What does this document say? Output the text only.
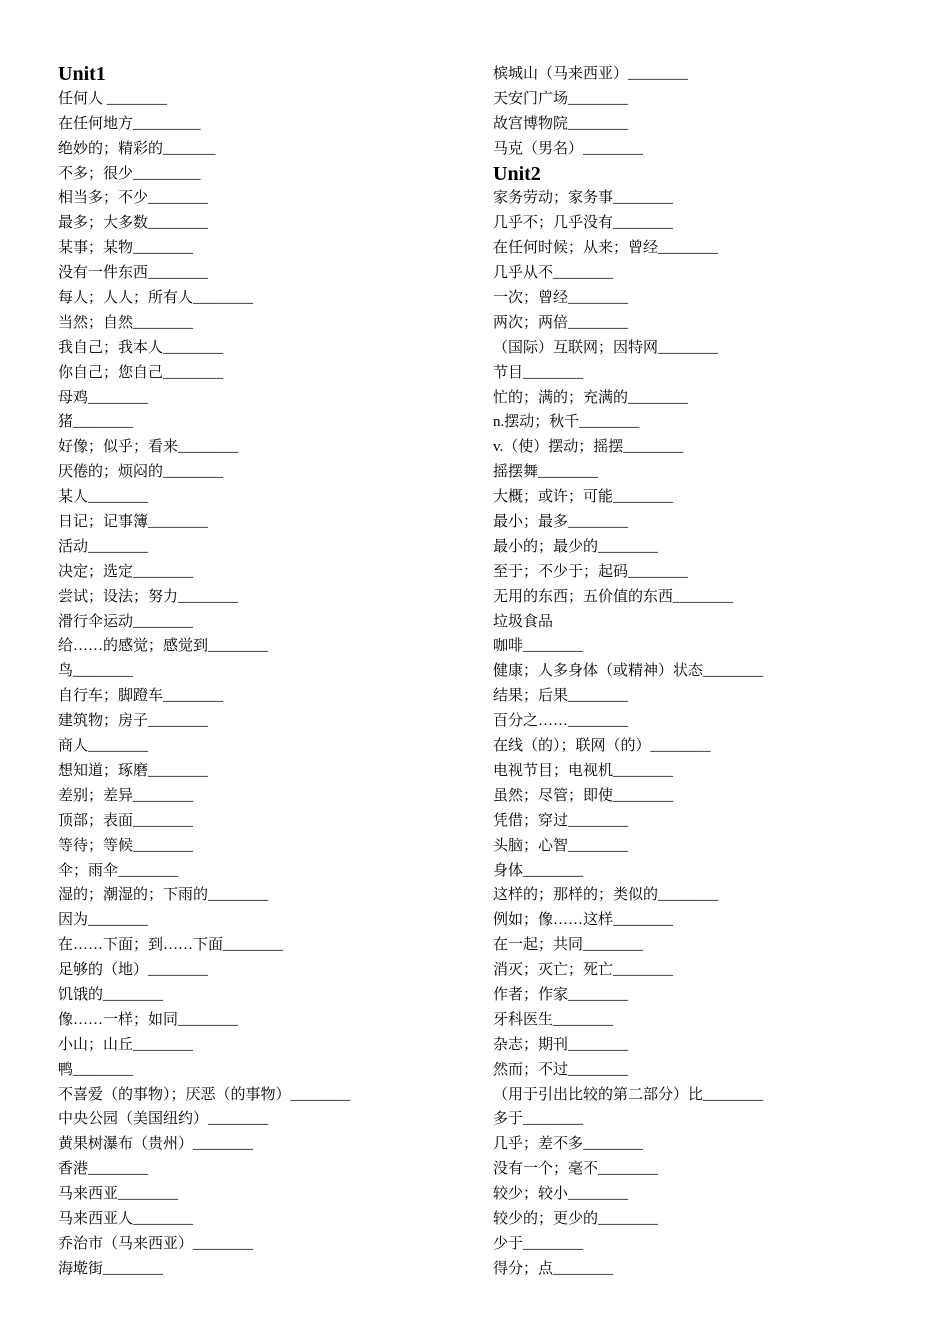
Unit1
任何人 ________
在任何地方_________
绝妙的；精彩的_______
不多；很少_________
相当多；不少________
最多；大多数________
某事；某物________
没有一件东西________
每人；人人；所有人________
当然；自然________
我自己；我本人________
你自己；您自己________
母鸡________
猪________
好像；似乎；看来________
厌倦的；烦闷的________
某人________
日记；记事簿________
活动________
决定；选定________
尝试；设法；努力________
滑行伞运动________
给……的感觉；感觉到________
鸟________
自行车；脚蹬车________
建筑物；房子________
商人________
想知道；琢磨________
差别；差异________
顶部；表面________
等待；等候________
伞；雨伞________
湿的；潮湿的；下雨的________
因为________
在……下面；到……下面________
足够的（地）________
饥饿的________
像……一样；如同________
小山；山丘________
鸭________
不喜爱（的事物）；厌恶（的事物）________
中央公园（美国纽约）________
黄果树瀑布（贵州）________
香港________
马来西亚________
马来西亚人________
乔治市（马来西亚）________
海墘街________
槟城山（马来西亚）________
天安门广场________
故宫博物院________
马克（男名）________
Unit2
家务劳动；家务事________
几乎不；几乎没有________
在任何时候；从来；曾经________
几乎从不________
一次；曾经________
两次；两倍________
（国际）互联网；因特网________
节目________
忙的；满的；充满的________
n.摆动；秋千________
v.（使）摆动；摇摆________
摇摆舞________
大概；或许；可能________
最小；最多________
最小的；最少的________
至于；不少于；起码________
无用的东西；五价值的东西________
垃圾食品
咖啡________
健康；人多身体（或精神）状态________
结果；后果________
百分之……________
在线（的）；联网（的）________
电视节目；电视机________
虽然；尽管；即使________
凭借；穿过________
头脑；心智________
身体________
这样的；那样的；类似的________
例如；像……这样________
在一起；共同________
消灭；灭亡；死亡________
作者；作家________
牙科医生________
杂志；期刊________
然而；不过________
（用于引出比较的第二部分）比________
多于________
几乎；差不多________
没有一个；毫不________
较少；较小________
较少的；更少的________
少于________
得分；点________
